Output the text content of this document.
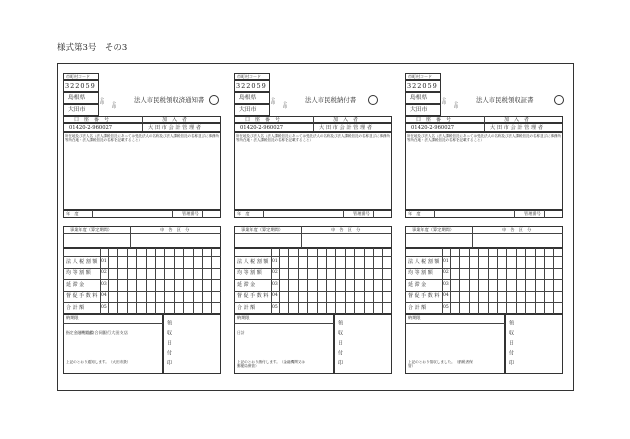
様式第3号　その3
市町村コード
322059
島根県
大田市
公印
公印
法人市民税領収済通知書
口　座　番　号	加　入　者
01420-2-960027	大 田 市 会 計 管 理 者
所在地及び法人名（法人課税信託にあっては受託法人の名称及び法人課税信託の名称並びに事務所等所在地・法人課税信託の名称を記載すること）
年　度	管理番号
事業年度（算定期間）	申　告　区　分
法 人 税 割 額 01
均 等 割 額 02
延 滞 金	03
督 促 手 数 料 04
合 計 額	05
納期限
指定金融機関名
山陰合同銀行大田支店
上記のとおり通知します。（大田市扱）	領収日付印
市町村コード
322059
島根県
大田市
公印
公印
法人市民税納付書
口　座　番　号	加　入　者
01420-2-960027	大 田 市 会 計 管 理 者
所在地及び法人名（法人課税信託にあっては受託法人の名称及び法人課税信託の名称並びに事務所等所在地・法人課税信託の名称を記載すること）
年　度	管理番号
事業年度（算定期間）	申　告　区　分
法 人 税 割 額 01
均 等 割 額 02
延 滞 金	03
督 促 手 数 料 04
合 計 額	05
納期限
日計
上記のとおり納付します。（金融機関又は郵便局保管）	領収日付印
市町村コード
322059
島根県
大田市
公印
公印
法人市民税領収証書
口　座　番　号	加　入　者
01420-2-960027	大 田 市 会 計 管 理 者
所在地及び法人名（法人課税信託にあっては受託法人の名称及び法人課税信託の名称並びに事務所等所在地・法人課税信託の名称を記載すること）
年　度	管理番号
事業年度（算定期間）	申　告　区　分
法 人 税 割 額 01
均 等 割 額 02
延 滞 金	03
督 促 手 数 料 04
合 計 額	05
納期限
上記のとおり領収しました。（納税者保管）	領収日付印
